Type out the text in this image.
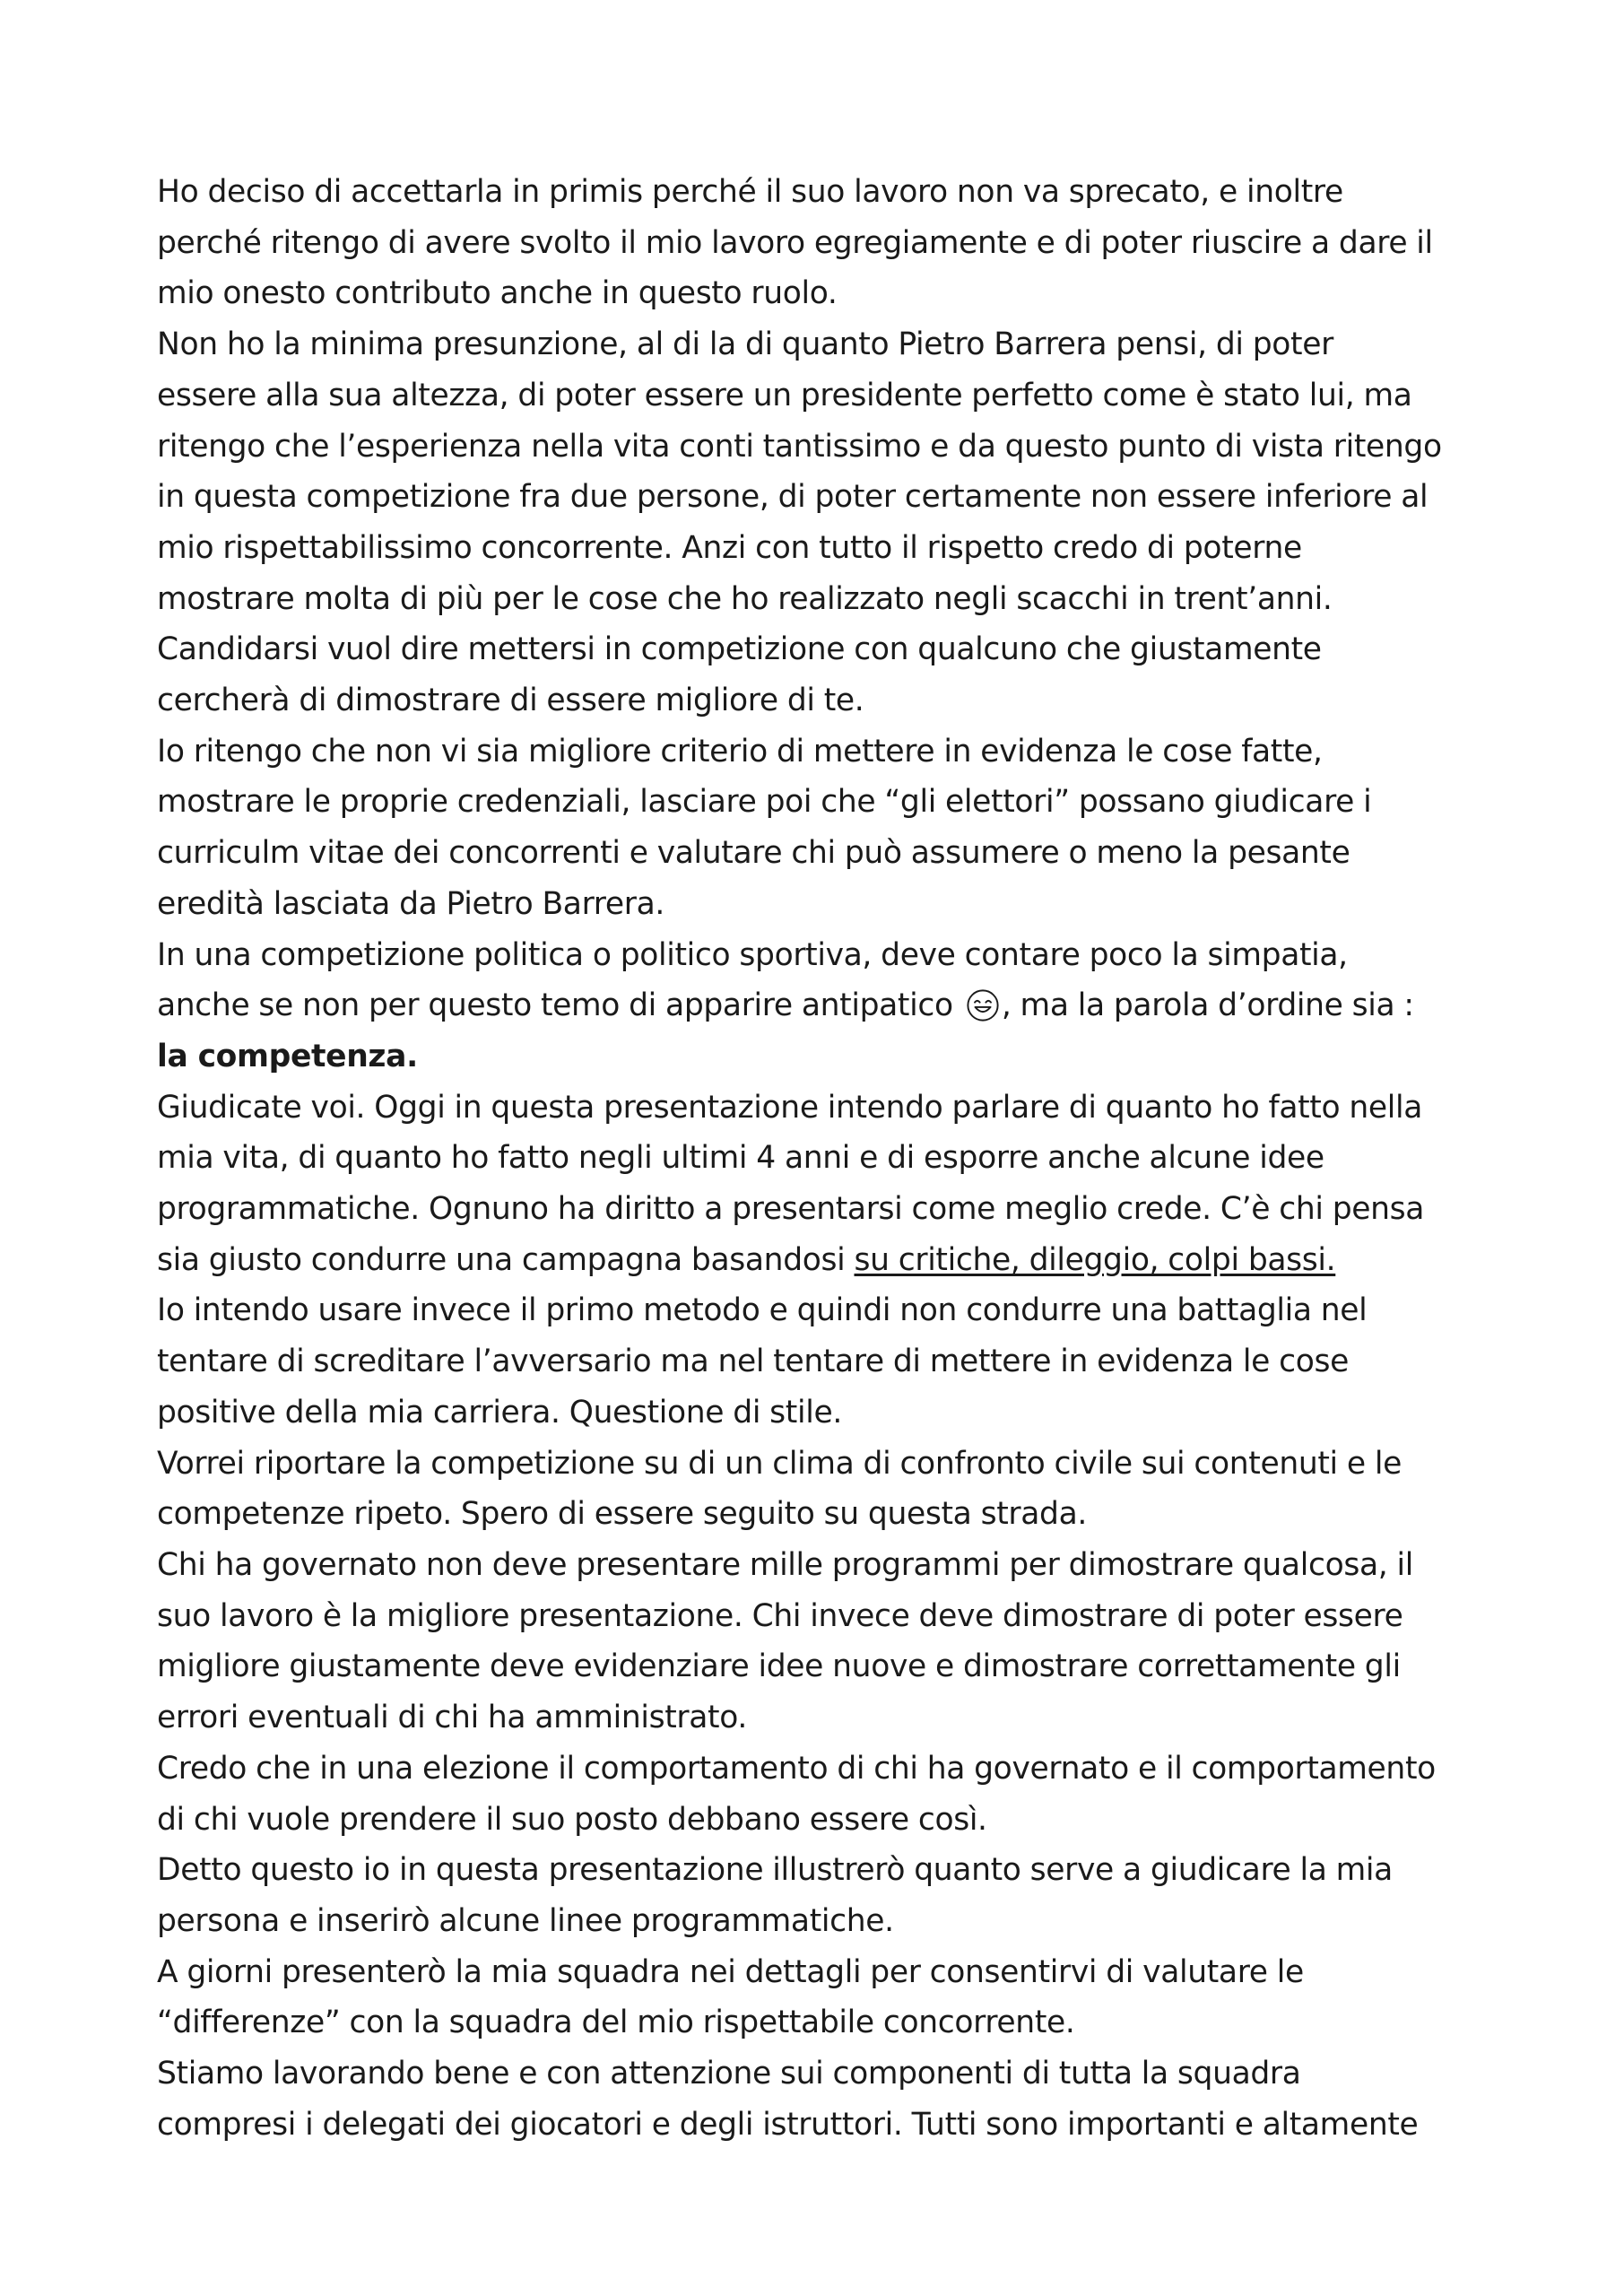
Ho deciso di accettarla in primis perché il suo lavoro non va sprecato, e inoltre
perché ritengo di avere svolto il mio lavoro egregiamente e di poter riuscire a dare il
mio onesto contributo anche in questo ruolo.
Non ho la minima presunzione, al di la di quanto Pietro Barrera pensi, di poter
essere alla sua altezza, di poter essere un presidente perfetto come è stato lui, ma
ritengo che l’esperienza nella vita conti tantissimo e da questo punto di vista ritengo
in questa competizione fra due persone, di poter certamente non essere inferiore al
mio rispettabilissimo concorrente. Anzi con tutto il rispetto credo di poterne
mostrare molta di più per le cose che ho realizzato negli scacchi in trent’anni.
Candidarsi vuol dire mettersi in competizione con qualcuno che giustamente
cercherà di dimostrare di essere migliore di te.
Io ritengo che non vi sia migliore criterio di mettere in evidenza le cose fatte,
mostrare le proprie credenziali, lasciare poi che “gli elettori” possano giudicare i
curriculm vitae dei concorrenti e valutare chi può assumere o meno la pesante
eredità lasciata da Pietro Barrera.
In una competizione politica o politico sportiva, deve contare poco la simpatia,
anche se non per questo temo di apparire antipatico , ma la parola d’ordine sia :
la competenza.
Giudicate voi. Oggi in questa presentazione intendo parlare di quanto ho fatto nella
mia vita, di quanto ho fatto negli ultimi 4 anni e di esporre anche alcune idee
programmatiche. Ognuno ha diritto a presentarsi come meglio crede. C’è chi pensa
sia giusto condurre una campagna basandosi su critiche, dileggio, colpi bassi.
Io intendo usare invece il primo metodo e quindi non condurre una battaglia nel
tentare di screditare l’avversario ma nel tentare di mettere in evidenza le cose
positive della mia carriera. Questione di stile.
Vorrei riportare la competizione su di un clima di confronto civile sui contenuti e le
competenze ripeto. Spero di essere seguito su questa strada.
Chi ha governato non deve presentare mille programmi per dimostrare qualcosa, il
suo lavoro è la migliore presentazione. Chi invece deve dimostrare di poter essere
migliore giustamente deve evidenziare idee nuove e dimostrare correttamente gli
errori eventuali di chi ha amministrato.
Credo che in una elezione il comportamento di chi ha governato e il comportamento
di chi vuole prendere il suo posto debbano essere così.
Detto questo io in questa presentazione illustrerò quanto serve a giudicare la mia
persona e inserirò alcune linee programmatiche.
A giorni presenterò la mia squadra nei dettagli per consentirvi di valutare le
“differenze” con la squadra del mio rispettabile concorrente.
Stiamo lavorando bene e con attenzione sui componenti di tutta la squadra
compresi i delegati dei giocatori e degli istruttori. Tutti sono importanti e altamente
